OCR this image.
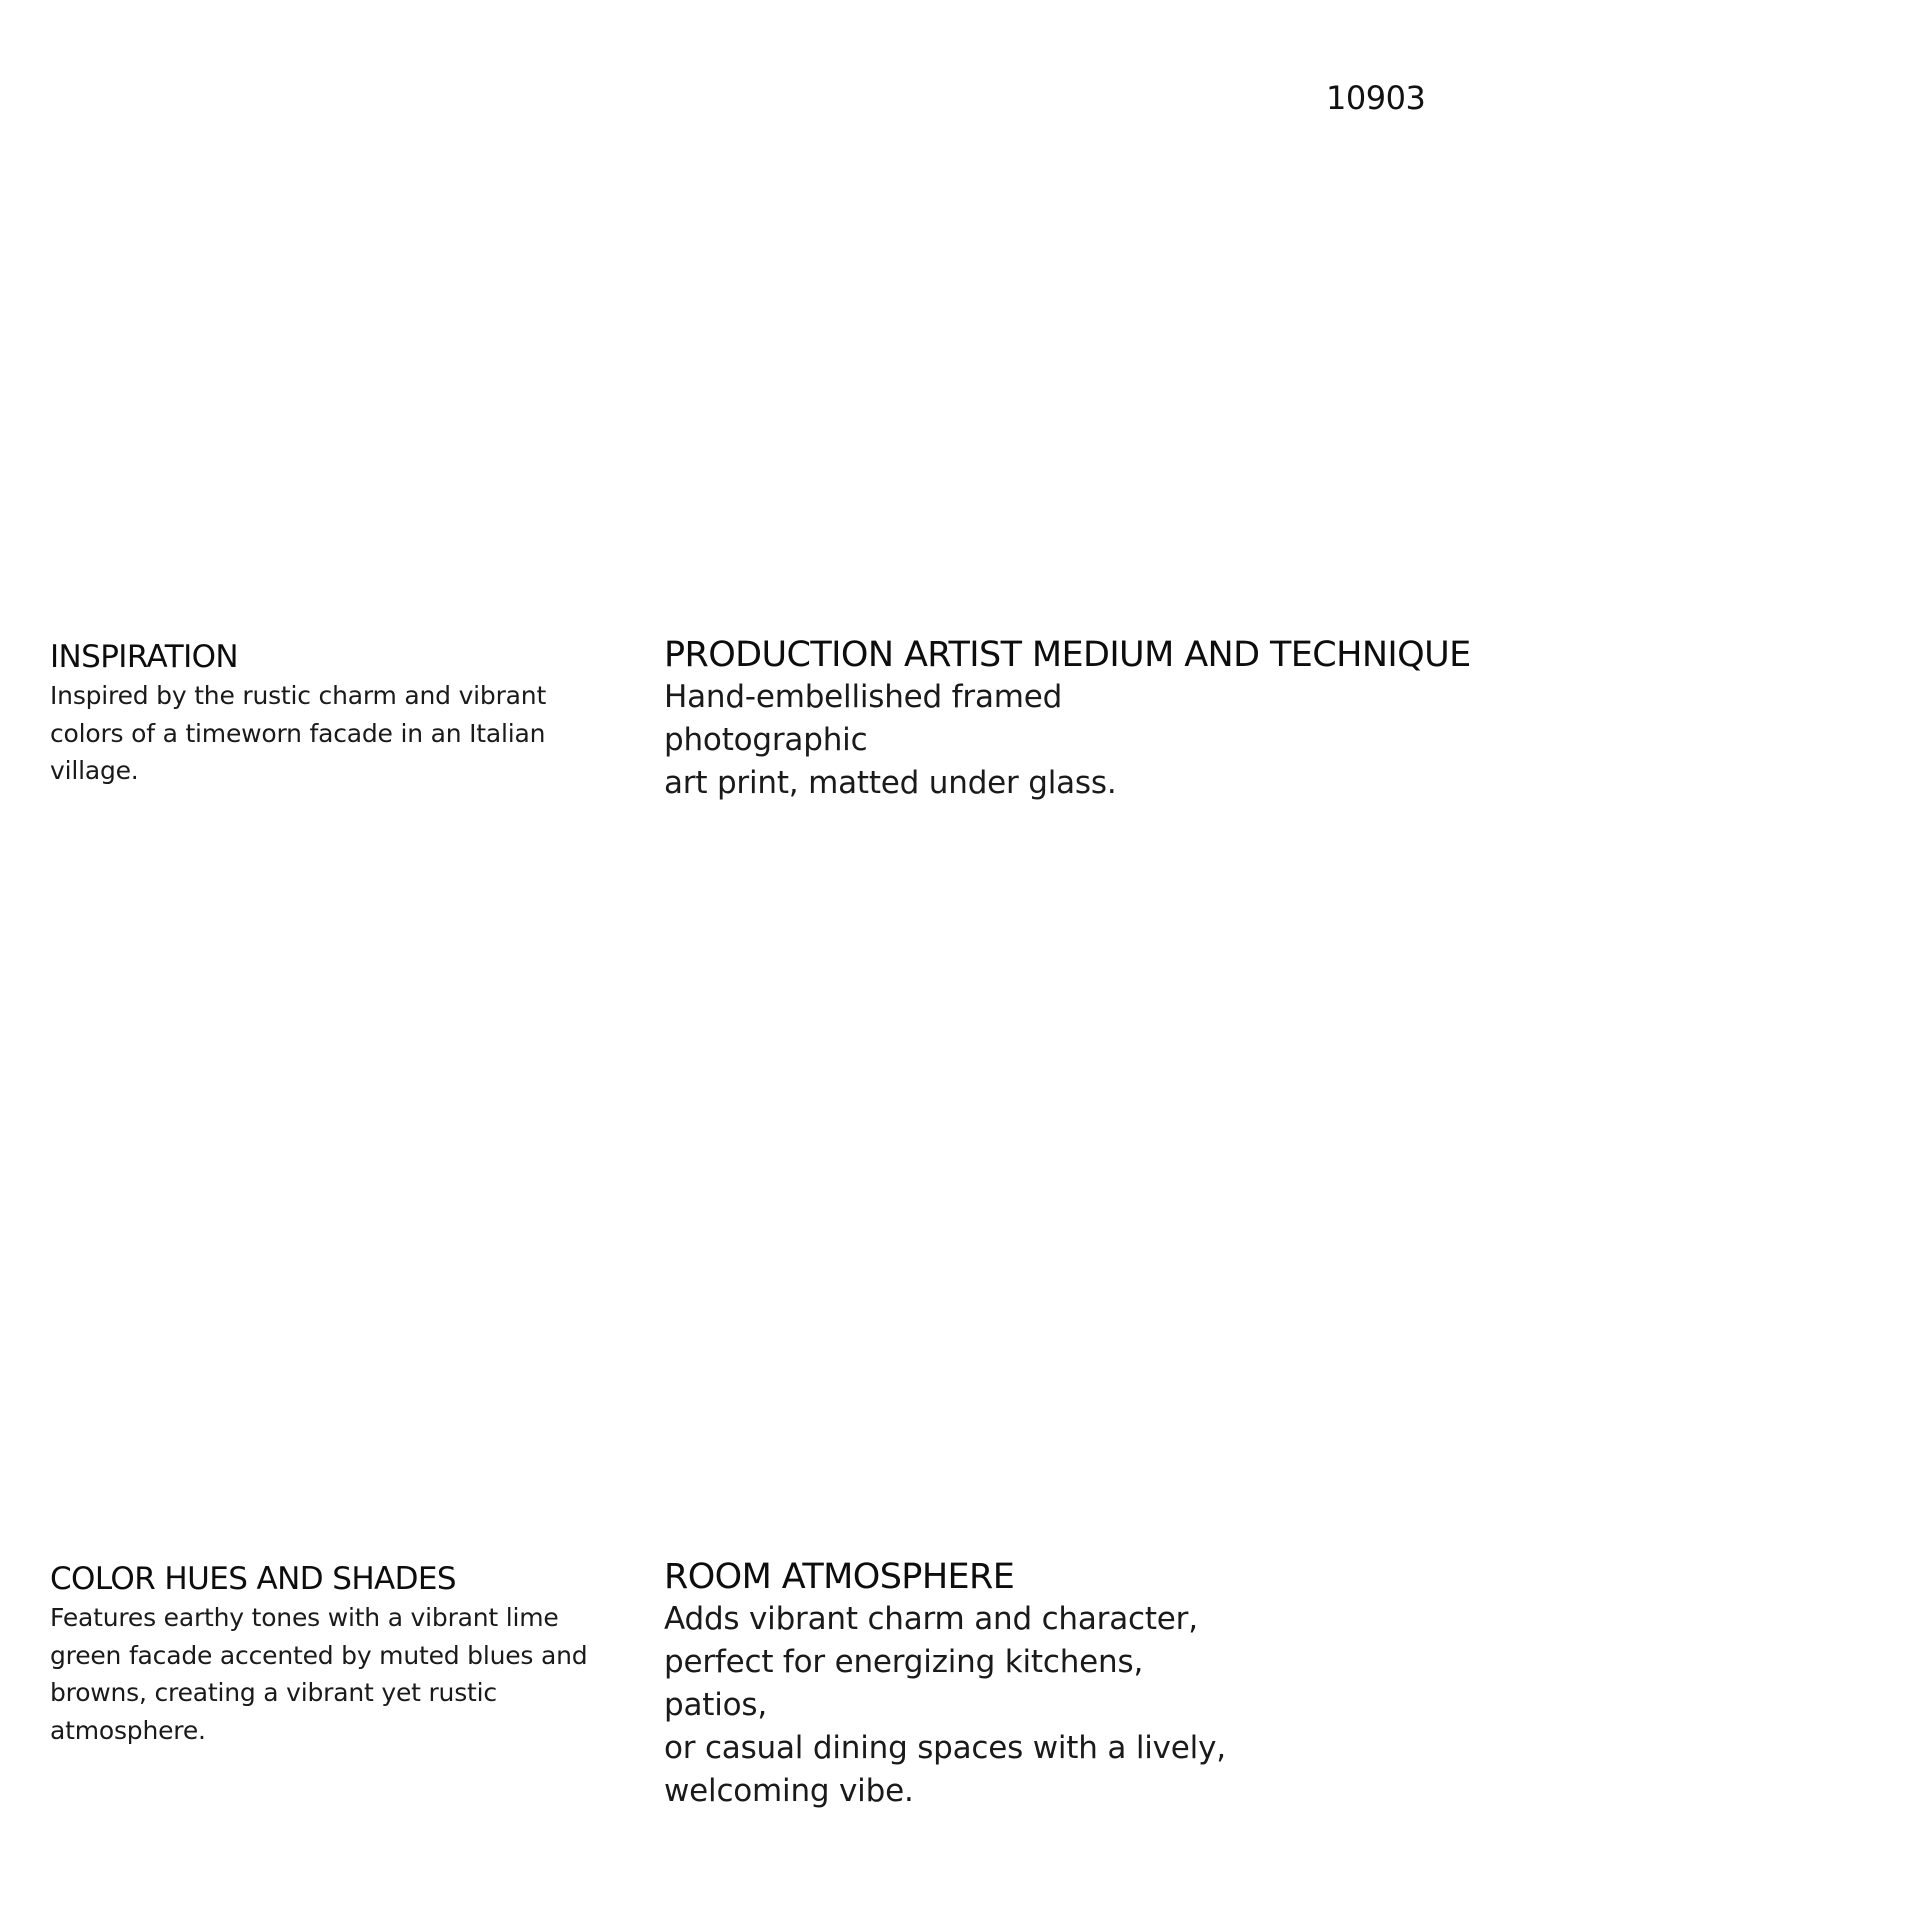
10903
INSPIRATION

Inspired by the rustic charm and vibrant colors of a timeworn facade in an Italian village.

PRODUCTION ARTIST MEDIUM AND TECHNIQUE

Hand-embellished framed photographic
art print, matted under glass.

COLOR HUES AND SHADES

Features earthy tones with a vibrant lime green facade accented by muted blues and browns, creating a vibrant yet rustic atmosphere.

ROOM ATMOSPHERE

Adds vibrant charm and character,
perfect for energizing kitchens, patios,
or casual dining spaces with a lively,
welcoming vibe.
